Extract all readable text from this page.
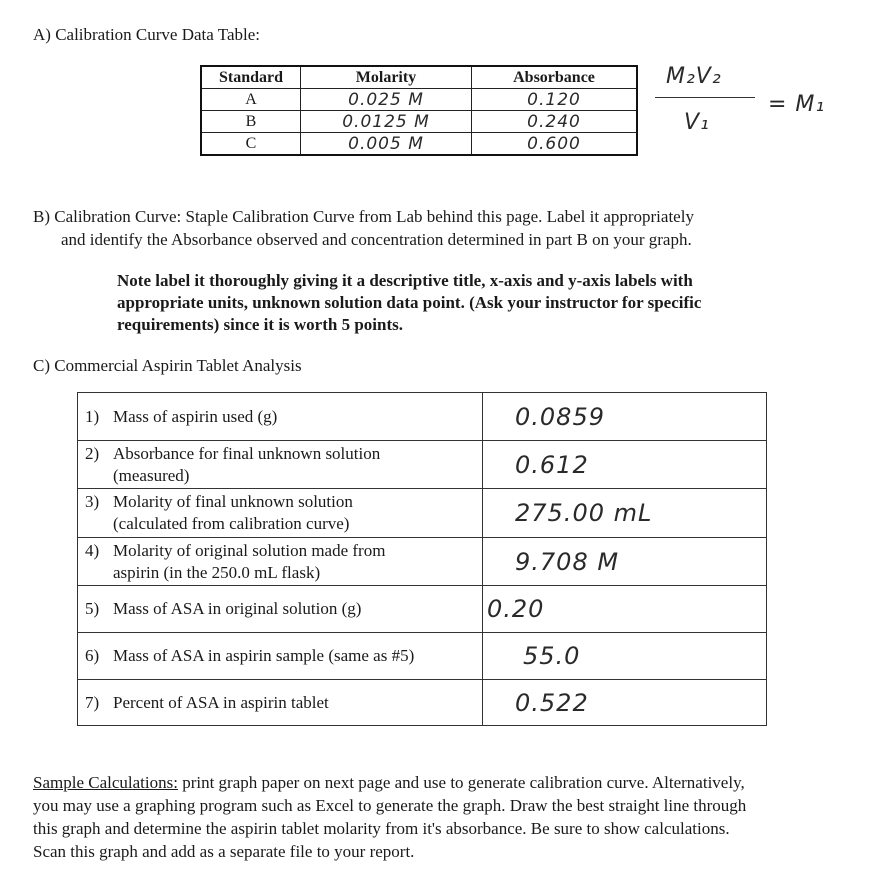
A) Calibration Curve Data Table:
Standard	Molarity	Absorbance
A	0.025 M	0.120
B	0.0125 M	0.240
C	0.005 M	0.600
M₂V₂
V₁
= M₁
B) Calibration Curve: Staple Calibration Curve from Lab behind this page. Label it appropriately
and identify the Absorbance observed and concentration determined in part B on your graph.
Note label it thoroughly giving it a descriptive title, x-axis and y-axis labels with
appropriate units, unknown solution data point. (Ask your instructor for specific
requirements) since it is worth 5 points.
C) Commercial Aspirin Tablet Analysis
1) Mass of aspirin used (g)	0.0859
2) Absorbance for final unknown solution
(measured)	0.612
3) Molarity of final unknown solution
(calculated from calibration curve)	275.00 mL
4) Molarity of original solution made from
aspirin (in the 250.0 mL flask)	9.708 M
5) Mass of ASA in original solution (g)	0.20
6) Mass of ASA in aspirin sample (same as #5)	55.0
7) Percent of ASA in aspirin tablet	0.522
Sample Calculations: print graph paper on next page and use to generate calibration curve. Alternatively,
you may use a graphing program such as Excel to generate the graph. Draw the best straight line through
this graph and determine the aspirin tablet molarity from it's absorbance. Be sure to show calculations.
Scan this graph and add as a separate file to your report.
